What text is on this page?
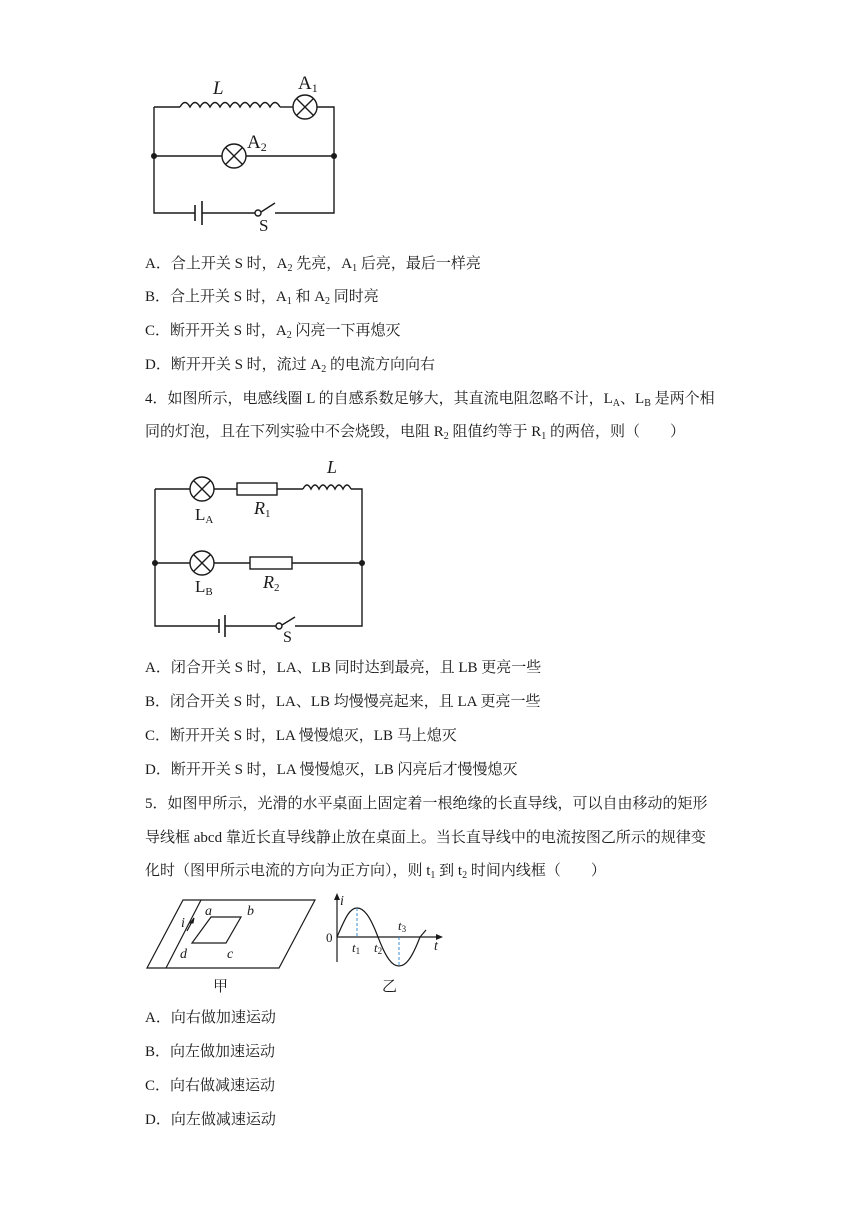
L	A1
A2
S
A．合上开关 S 时，$A_2$ 先亮，$A_1$ 后亮，最后一样亮
B．合上开关 S 时，$A_1$ 和 $A_2$ 同时亮
C．断开开关 S 时，$A_2$ 闪亮一下再熄灭
D．断开开关 S 时，流过 $A_2$ 的电流方向向右
4．如图所示，电感线圈 L 的自感系数足够大，其直流电阻忽略不计，$L_A$、$L_B$ 是两个相
同的灯泡，且在下列实验中不会烧毁，电阻 $R_2$ 阻值约等于 $R_1$ 的两倍，则（　　）
LA
R1
L
LB	R2
S
A．闭合开关 S 时，LA、LB 同时达到最亮，且 LB 更亮一些
B．闭合开关 S 时，LA、LB 均慢慢亮起来，且 LA 更亮一些
C．断开开关 S 时，LA 慢慢熄灭，LB 马上熄灭
D．断开开关 S 时，LA 慢慢熄灭，LB 闪亮后才慢慢熄灭
5．如图甲所示，光滑的水平桌面上固定着一根绝缘的长直导线，可以自由移动的矩形
导线框 abcd 靠近长直导线静止放在桌面上。当长直导线中的电流按图乙所示的规律变
化时（图甲所示电流的方向为正方向），则 $t_1$ 到 $t_2$ 时间内线框（　　）
i
a	b
c
d
甲
i
0
t
t1 t2
t3
乙
A．向右做加速运动
B．向左做加速运动
C．向右做减速运动
D．向左做减速运动
